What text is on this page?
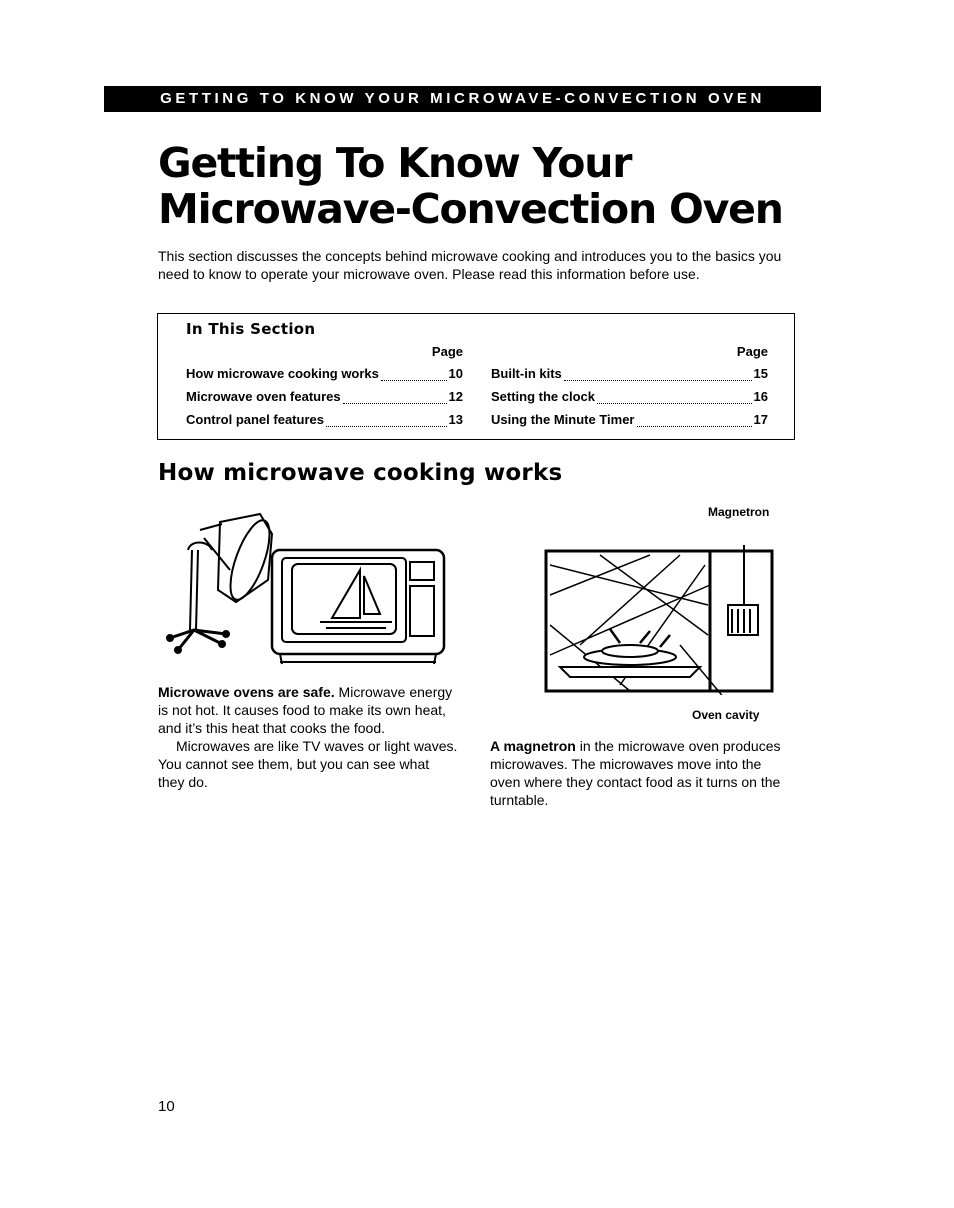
GETTING TO KNOW YOUR MICROWAVE-CONVECTION OVEN
Getting To Know Your
Microwave-Convection Oven

This section discusses the concepts behind microwave cooking and introduces you to the basics you need to know to operate your microwave oven. Please read this information before use.

In This Section
Page
How microwave cooking works	10
Microwave oven features	12
Control panel features	13
Page
Built-in kits	15
Setting the clock	16
Using the Minute Timer	17
How microwave cooking works
Magnetron
Oven cavity

Microwave ovens are safe. Microwave energy is not hot. It causes food to make its own heat, and it’s this heat that cooks the food.

Microwaves are like TV waves or light waves. You cannot see them, but you can see what they do.

A magnetron in the microwave oven produces microwaves. The microwaves move into the oven where they contact food as it turns on the turntable.

10
